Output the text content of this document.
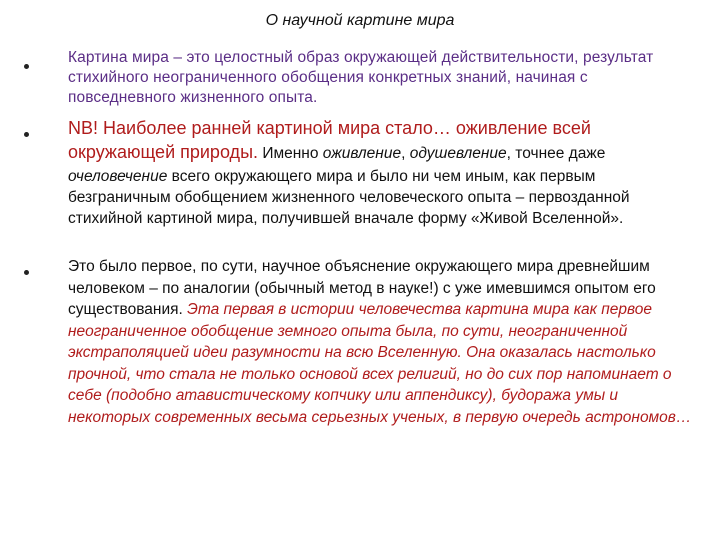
О научной картине мира
Картина мира – это целостный образ окружающей действительности, результат стихийного неограниченного обобщения конкретных знаний, начиная с повседневного жизненного опыта.
NB! Наиболее ранней картиной мира стало… оживление всей окружающей природы. Именно оживление, одушевление, точнее даже
очеловечение всего окружающего мира и было ни чем иным, как первым безграничным обобщением жизненного человеческого опыта – первозданной стихийной картиной мира, получившей вначале форму «Живой Вселенной».
Это было первое, по сути, научное объяснение окружающего мира древнейшим человеком – по аналогии (обычный метод в науке!) с уже имевшимся опытом его существования. Эта первая в истории человечества картина мира как первое неограниченное обобщение земного опыта была, по сути, неограниченной экстраполяцией идеи разумности на всю Вселенную. Она оказалась настолько прочной, что стала не только основой всех религий, но до сих пор напоминает о себе (подобно атавистическому копчику или аппендиксу), будоража умы и некоторых современных весьма серьезных ученых, в первую очередь астрономов…
